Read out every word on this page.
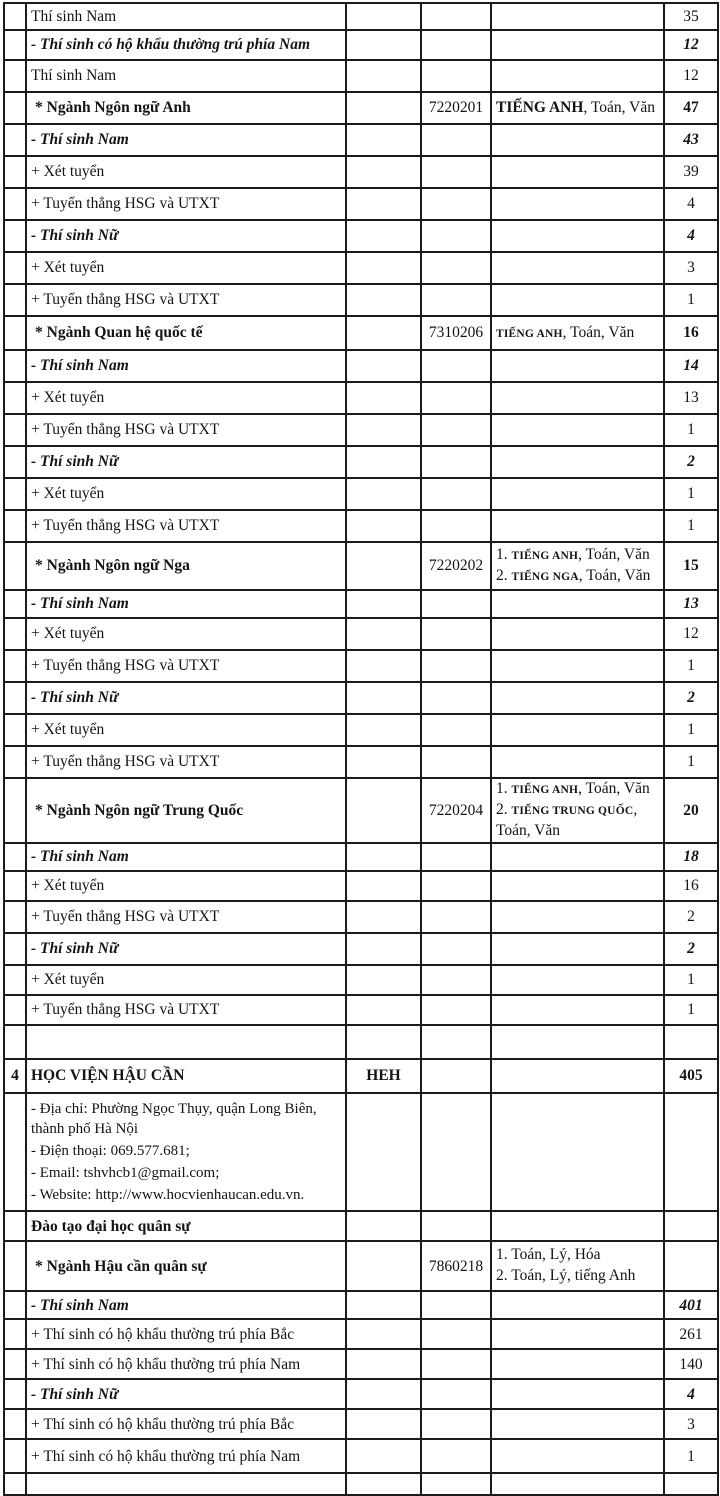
	Thí sinh Nam				35
	- Thí sinh có hộ khẩu thường trú phía Nam				12
	Thí sinh Nam				12
	* Ngành Ngôn ngữ Anh		7220201	TIẾNG ANH, Toán, Văn	47
	- Thí sinh Nam				43
	+ Xét tuyển				39
	+ Tuyển thẳng HSG và UTXT				4
	- Thí sinh Nữ				4
	+ Xét tuyển				3
	+ Tuyển thẳng HSG và UTXT				1
	* Ngành Quan hệ quốc tế		7310206	TIẾNG ANH, Toán, Văn	16
	- Thí sinh Nam				14
	+ Xét tuyển				13
	+ Tuyển thẳng HSG và UTXT				1
	- Thí sinh Nữ				2
	+ Xét tuyển				1
	+ Tuyển thẳng HSG và UTXT				1
	* Ngành Ngôn ngữ Nga		7220202	1. TIẾNG ANH, Toán, Văn
2. TIẾNG NGA, Toán, Văn	15
	- Thí sinh Nam				13
	+ Xét tuyển				12
	+ Tuyển thẳng HSG và UTXT				1
	- Thí sinh Nữ				2
	+ Xét tuyển				1
	+ Tuyển thẳng HSG và UTXT				1
	* Ngành Ngôn ngữ Trung Quốc		7220204	1. TIẾNG ANH, Toán, Văn
2. TIẾNG TRUNG QUỐC, Toán, Văn	20
	- Thí sinh Nam				18
	+ Xét tuyển				16
	+ Tuyển thẳng HSG và UTXT				2
	- Thí sinh Nữ				2
	+ Xét tuyển				1
	+ Tuyển thẳng HSG và UTXT				1

4	HỌC VIỆN HẬU CẦN	HEH			405

	- Địa chỉ: Phường Ngọc Thụy, quận Long Biên, thành phố Hà Nội
- Điện thoại: 069.577.681;
- Email: tshvhcb1@gmail.com;
- Website: http://www.hocvienhaucan.edu.vn.				

	Đào tạo đại học quân sự				
	* Ngành Hậu cần quân sự		7860218	1. Toán, Lý, Hóa
2. Toán, Lý, tiếng Anh	

	- Thí sinh Nam				401
	+ Thí sinh có hộ khẩu thường trú phía Bắc				261
	+ Thí sinh có hộ khẩu thường trú phía Nam				140
	- Thí sinh Nữ				4
	+ Thí sinh có hộ khẩu thường trú phía Bắc				3
	+ Thí sinh có hộ khẩu thường trú phía Nam				1
